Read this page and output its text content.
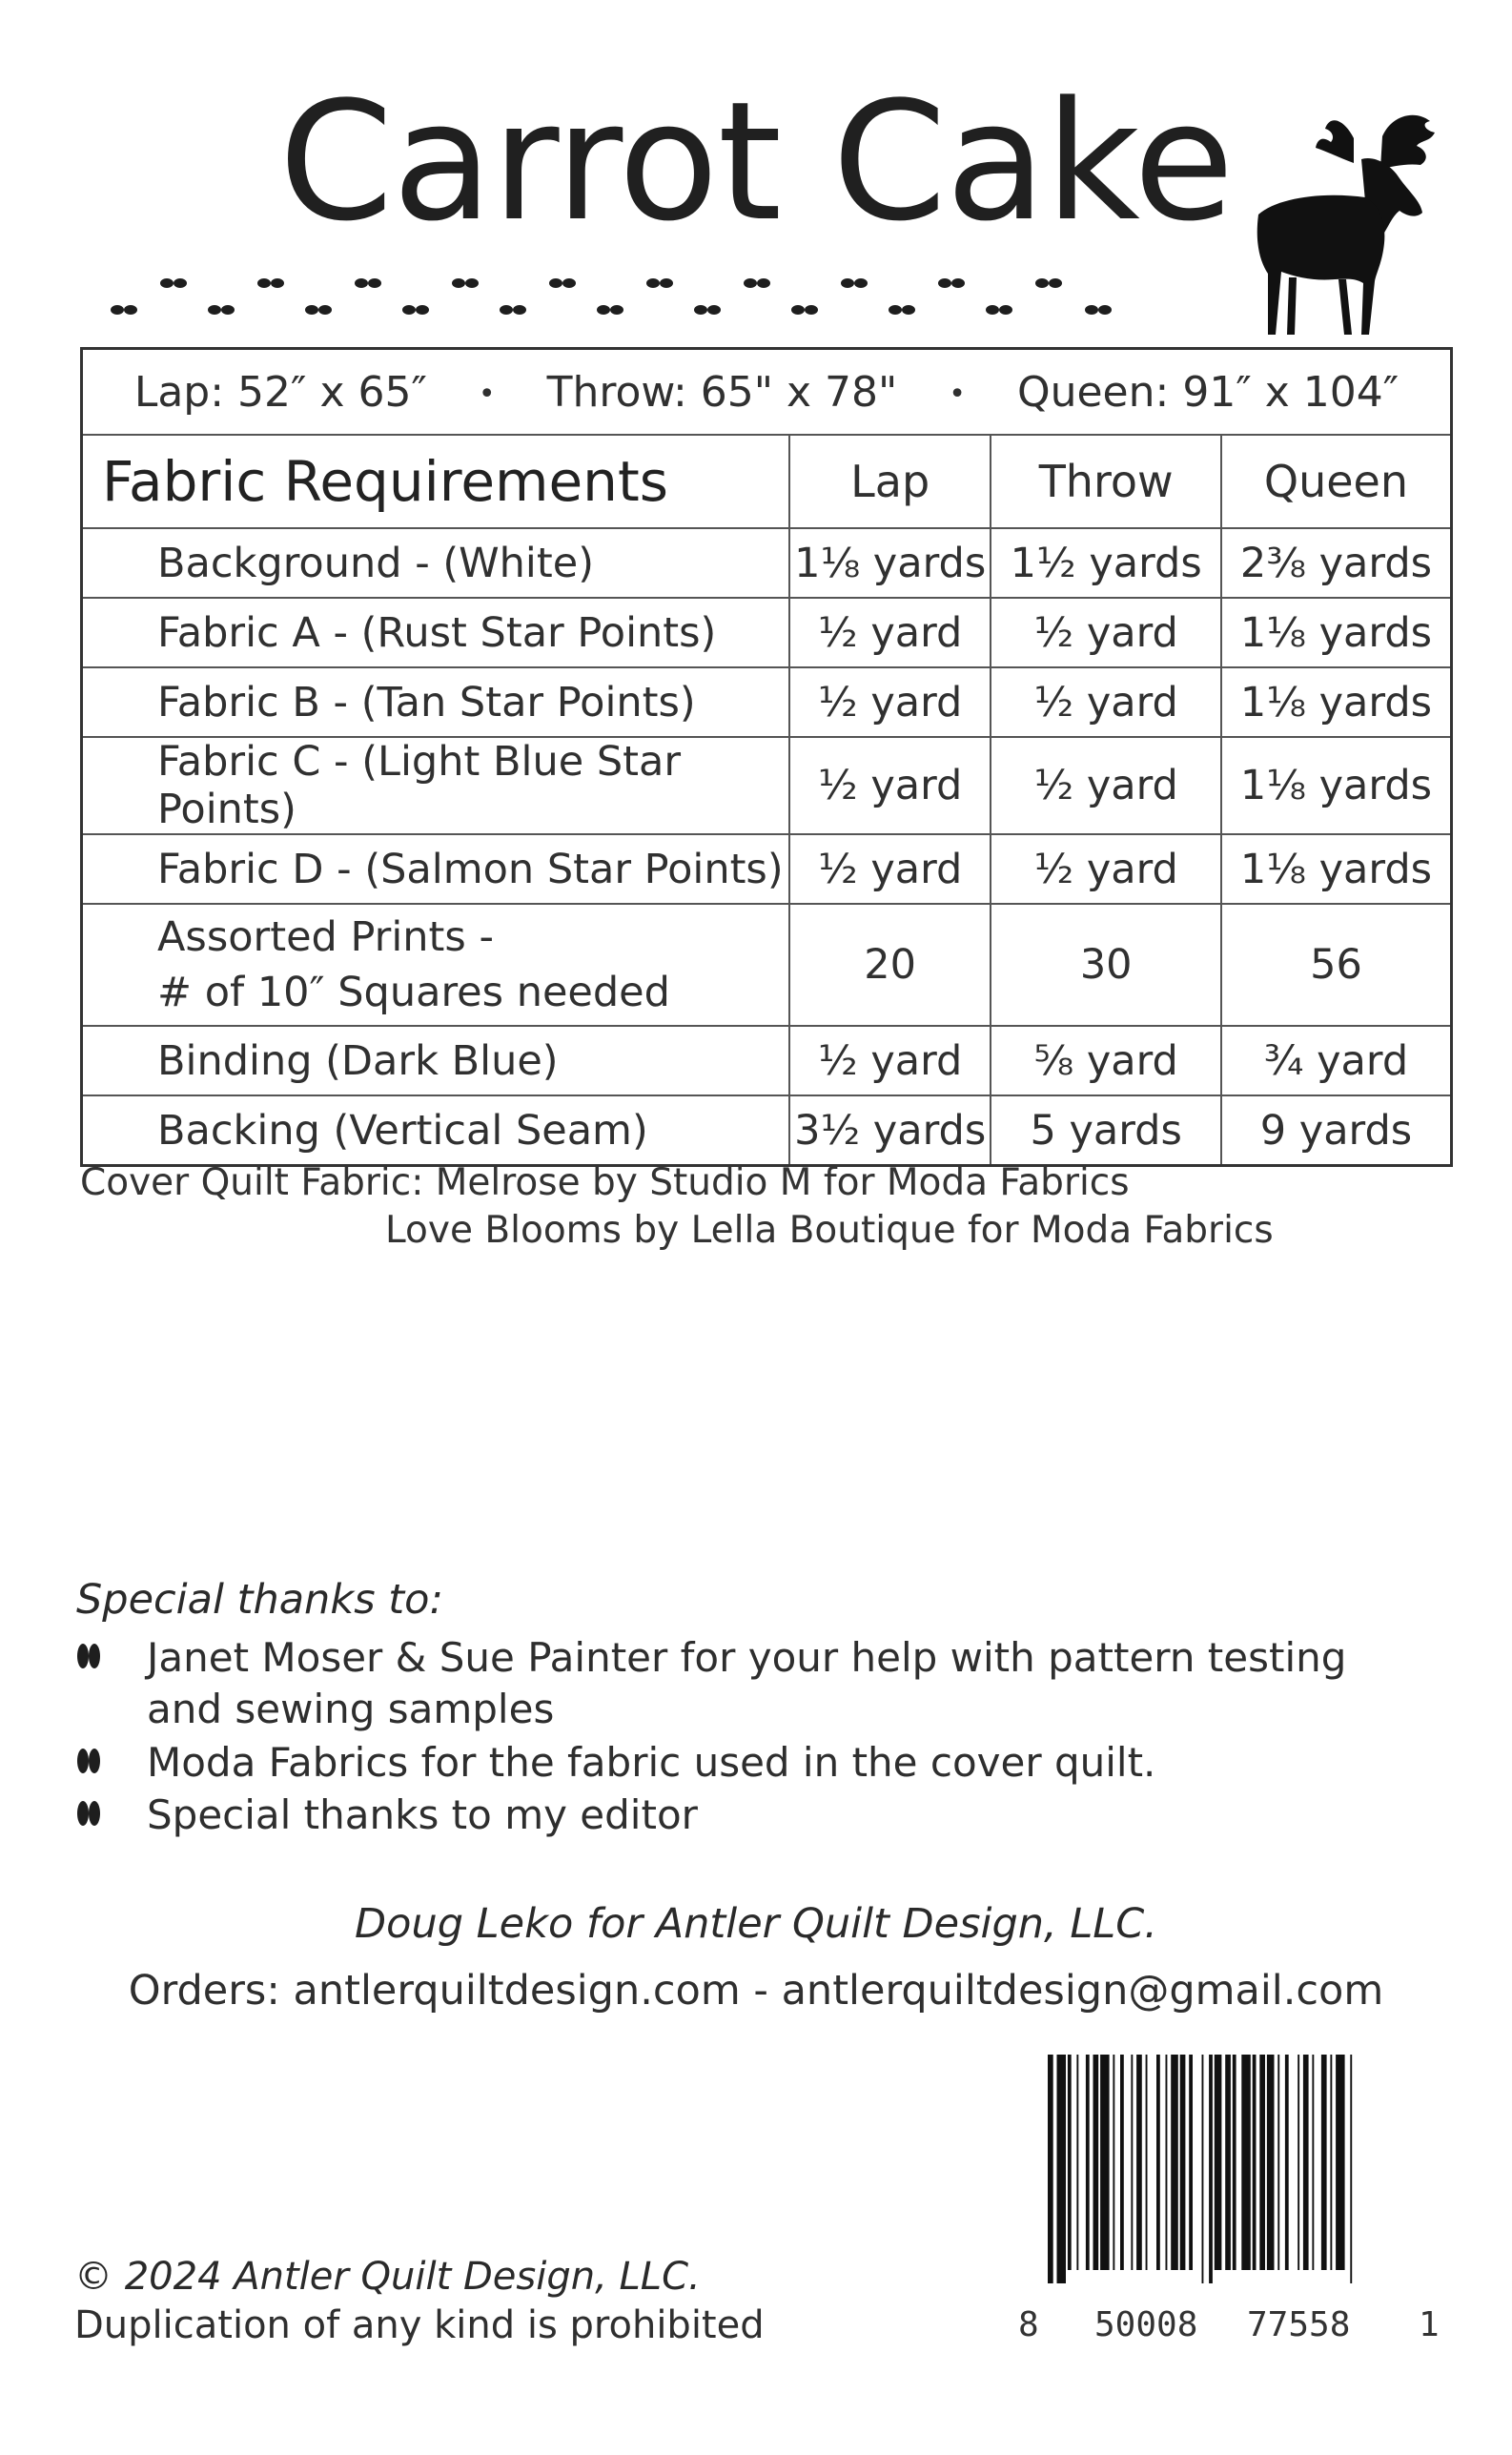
Carrot Cake
Lap: 52″ x 65″ • Throw: 65" x 78" • Queen: 91″ x 104″			
Fabric Requirements	Lap	Throw	Queen
Background - (White)	1⅛ yards	1½ yards	2⅜ yards
Fabric A - (Rust Star Points)	½ yard	½ yard	1⅛ yards
Fabric B - (Tan Star Points)	½ yard	½ yard	1⅛ yards
Fabric C - (Light Blue Star Points)	½ yard	½ yard	1⅛ yards
Fabric D - (Salmon Star Points)	½ yard	½ yard	1⅛ yards

Assorted Prints -
# of 10″ Squares needed	20	30	56
Binding (Dark Blue)	½ yard	⅝ yard	¾ yard
Backing (Vertical Seam)	3½ yards	5 yards	9 yards
Cover Quilt Fabric: Melrose by Studio M for Moda Fabrics
Love Blooms by Lella Boutique for Moda Fabrics
Special thanks to:
Janet Moser & Sue Painter for your help with pattern testing and sewing samples
Moda Fabrics for the fabric used in the cover quilt.
Special thanks to my editor
Doug Leko for Antler Quilt Design, LLC.
Orders: antlerquiltdesign.com - antlerquiltdesign@gmail.com
© 2024 Antler Quilt Design, LLC.
Duplication of any kind is prohibited	8 50008 77558 1
